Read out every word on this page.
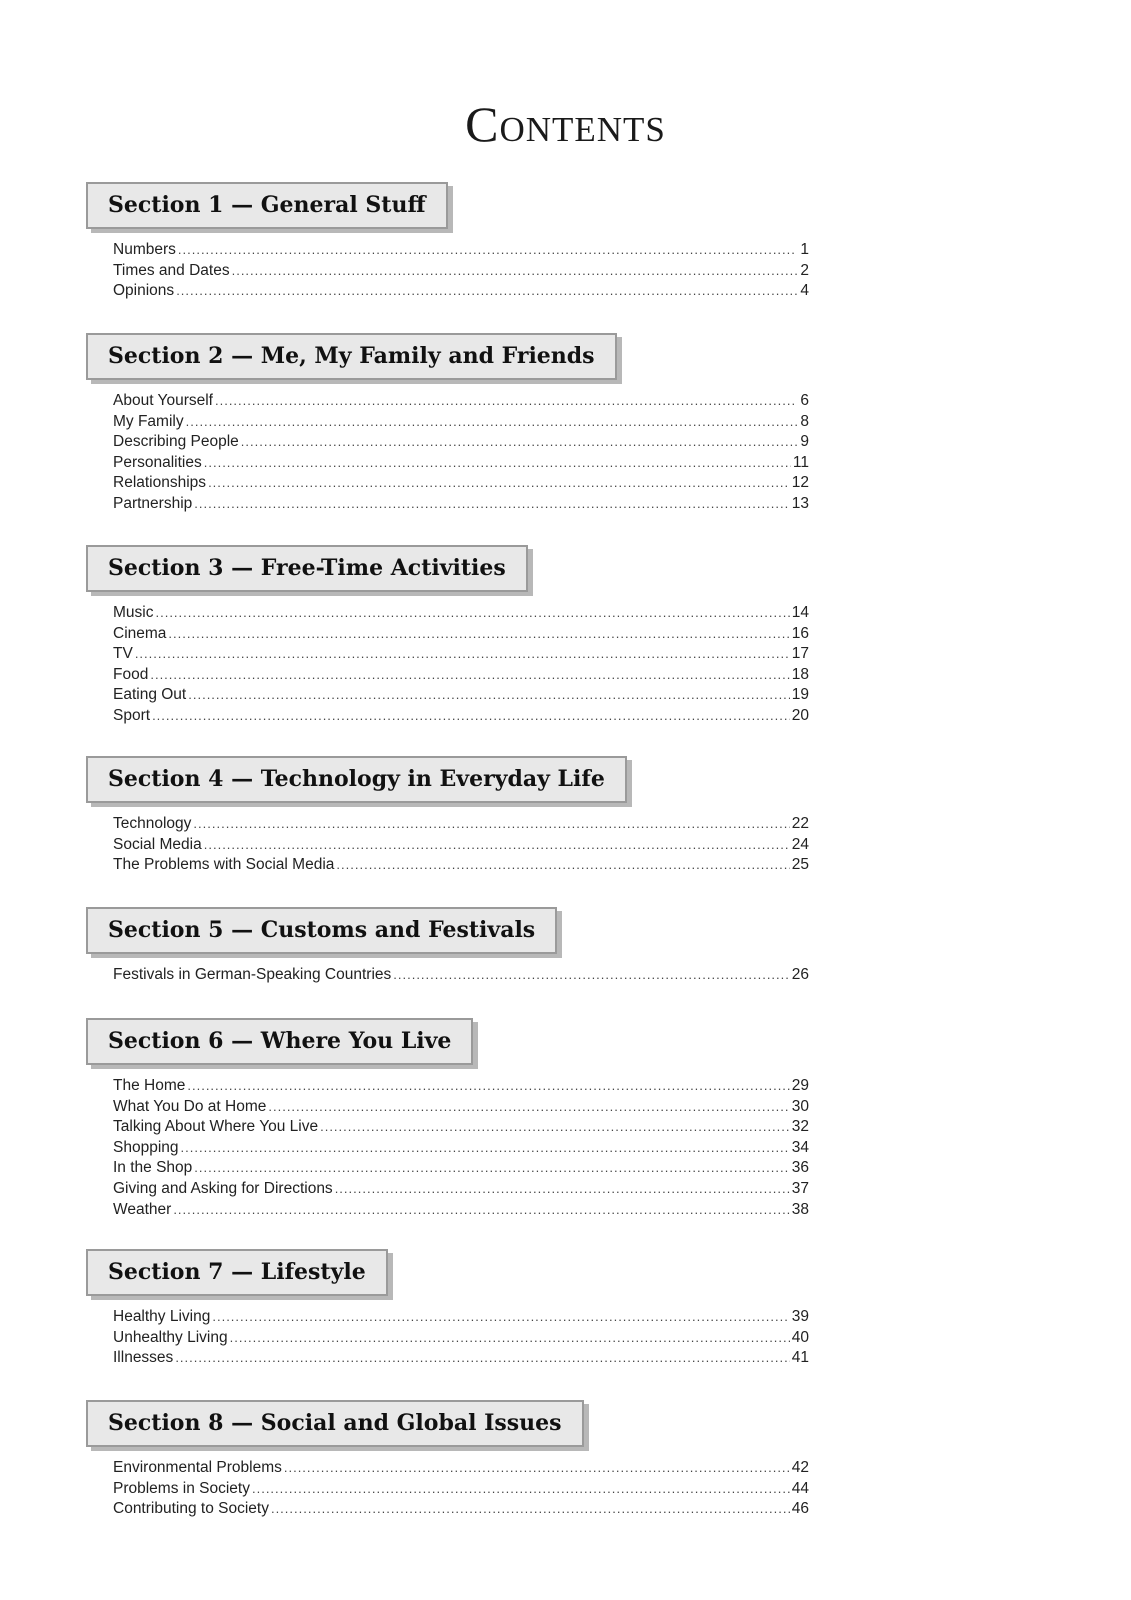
Contents
Section 1 — General Stuff
Numbers .....	1
Times and Dates .....	2
Opinions .....	4
Section 2 — Me, My Family and Friends
About Yourself .....	6
My Family .....	8
Describing People .....	9
Personalities .....	11
Relationships .....	12
Partnership .....	13
Section 3 — Free-Time Activities
Music .....	14
Cinema .....	16
TV .....	17
Food .....	18
Eating Out .....	19
Sport .....	20
Section 4 — Technology in Everyday Life
Technology .....	22
Social Media .....	24
The Problems with Social Media .....	25
Section 5 — Customs and Festivals
Festivals in German-Speaking Countries .....	26
Section 6 — Where You Live
The Home .....	29
What You Do at Home .....	30
Talking About Where You Live .....	32
Shopping .....	34
In the Shop .....	36
Giving and Asking for Directions .....	37
Weather .....	38
Section 7 — Lifestyle
Healthy Living .....	39
Unhealthy Living .....	40
Illnesses .....	41
Section 8 — Social and Global Issues
Environmental Problems .....	42
Problems in Society .....	44
Contributing to Society .....	46
